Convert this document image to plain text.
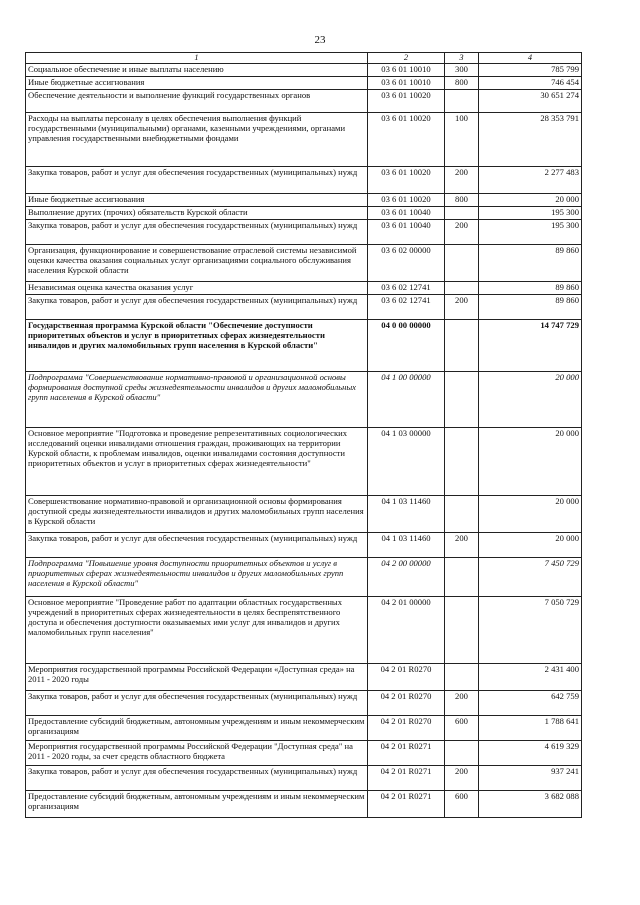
23
1	2	3	4
Социальное обеспечение и иные выплаты населению	03 6 01 10010	300	785 799
Иные бюджетные ассигнования	03 6 01 10010	800	746 454
Обеспечение деятельности и выполнение функций государственных органов	03 6 01 10020		30 651 274
Расходы на выплаты персоналу в целях обеспечения выполнения функций государственными (муниципальными) органами, казенными учреждениями, органами управления государственными внебюджетными фондами	03 6 01 10020	100	28 353 791
Закупка товаров, работ и услуг для обеспечения государственных (муниципальных) нужд	03 6 01 10020	200	2 277 483
Иные бюджетные ассигнования	03 6 01 10020	800	20 000
Выполнение других (прочих) обязательств Курской области	03 6 01 10040		195 300
Закупка товаров, работ и услуг для обеспечения государственных (муниципальных) нужд	03 6 01 10040	200	195 300
Организация, функционирование и совершенствование отраслевой системы независимой оценки качества оказания социальных услуг организациями социального обслуживания населения Курской области	03 6 02 00000		89 860
Независимая оценка качества оказания услуг	03 6 02 12741		89 860
Закупка товаров, работ и услуг для обеспечения государственных (муниципальных) нужд	03 6 02 12741	200	89 860
Государственная программа Курской области "Обеспечение доступности приоритетных объектов и услуг в приоритетных сферах жизнедеятельности инвалидов и других маломобильных групп населения в Курской области"	04 0 00 00000		14 747 729
Подпрограмма "Совершенствование нормативно-правовой и организационной основы формирования доступной среды жизнедеятельности инвалидов и других маломобильных групп населения в Курской области"	04 1 00 00000		20 000
Основное мероприятие "Подготовка и проведение репрезентативных социологических исследований оценки инвалидами отношения граждан, проживающих на территории Курской области, к проблемам инвалидов, оценки инвалидами состояния доступности приоритетных объектов и услуг в приоритетных сферах жизнедеятельности"	04 1 03 00000		20 000
Совершенствование нормативно-правовой и организационной основы формирования доступной среды жизнедеятельности инвалидов и других маломобильных групп населения в Курской области	04 1 03 11460		20 000
Закупка товаров, работ и услуг для обеспечения государственных (муниципальных) нужд	04 1 03 11460	200	20 000
Подпрограмма "Повышение уровня доступности приоритетных объектов и услуг в приоритетных сферах жизнедеятельности инвалидов и других маломобильных групп населения в Курской области"	04 2 00 00000		7 450 729
Основное мероприятие "Проведение работ по адаптации областных государственных учреждений в приоритетных сферах жизнедеятельности в целях беспрепятственного доступа и обеспечения доступности оказываемых ими услуг для инвалидов и других маломобильных групп населения"	04 2 01 00000		7 050 729
Мероприятия государственной программы Российской Федерации «Доступная среда» на 2011 - 2020 годы	04 2 01 R0270		2 431 400
Закупка товаров, работ и услуг для обеспечения государственных (муниципальных) нужд	04 2 01 R0270	200	642 759
Предоставление субсидий бюджетным, автономным учреждениям и иным некоммерческим организациям	04 2 01 R0270	600	1 788 641
Мероприятия государственной программы Российской Федерации "Доступная среда" на 2011 - 2020 годы, за счет средств областного бюджета	04 2 01 R0271		4 619 329
Закупка товаров, работ и услуг для обеспечения государственных (муниципальных) нужд	04 2 01 R0271	200	937 241
Предоставление субсидий бюджетным, автономным учреждениям и иным некоммерческим организациям	04 2 01 R0271	600	3 682 088
